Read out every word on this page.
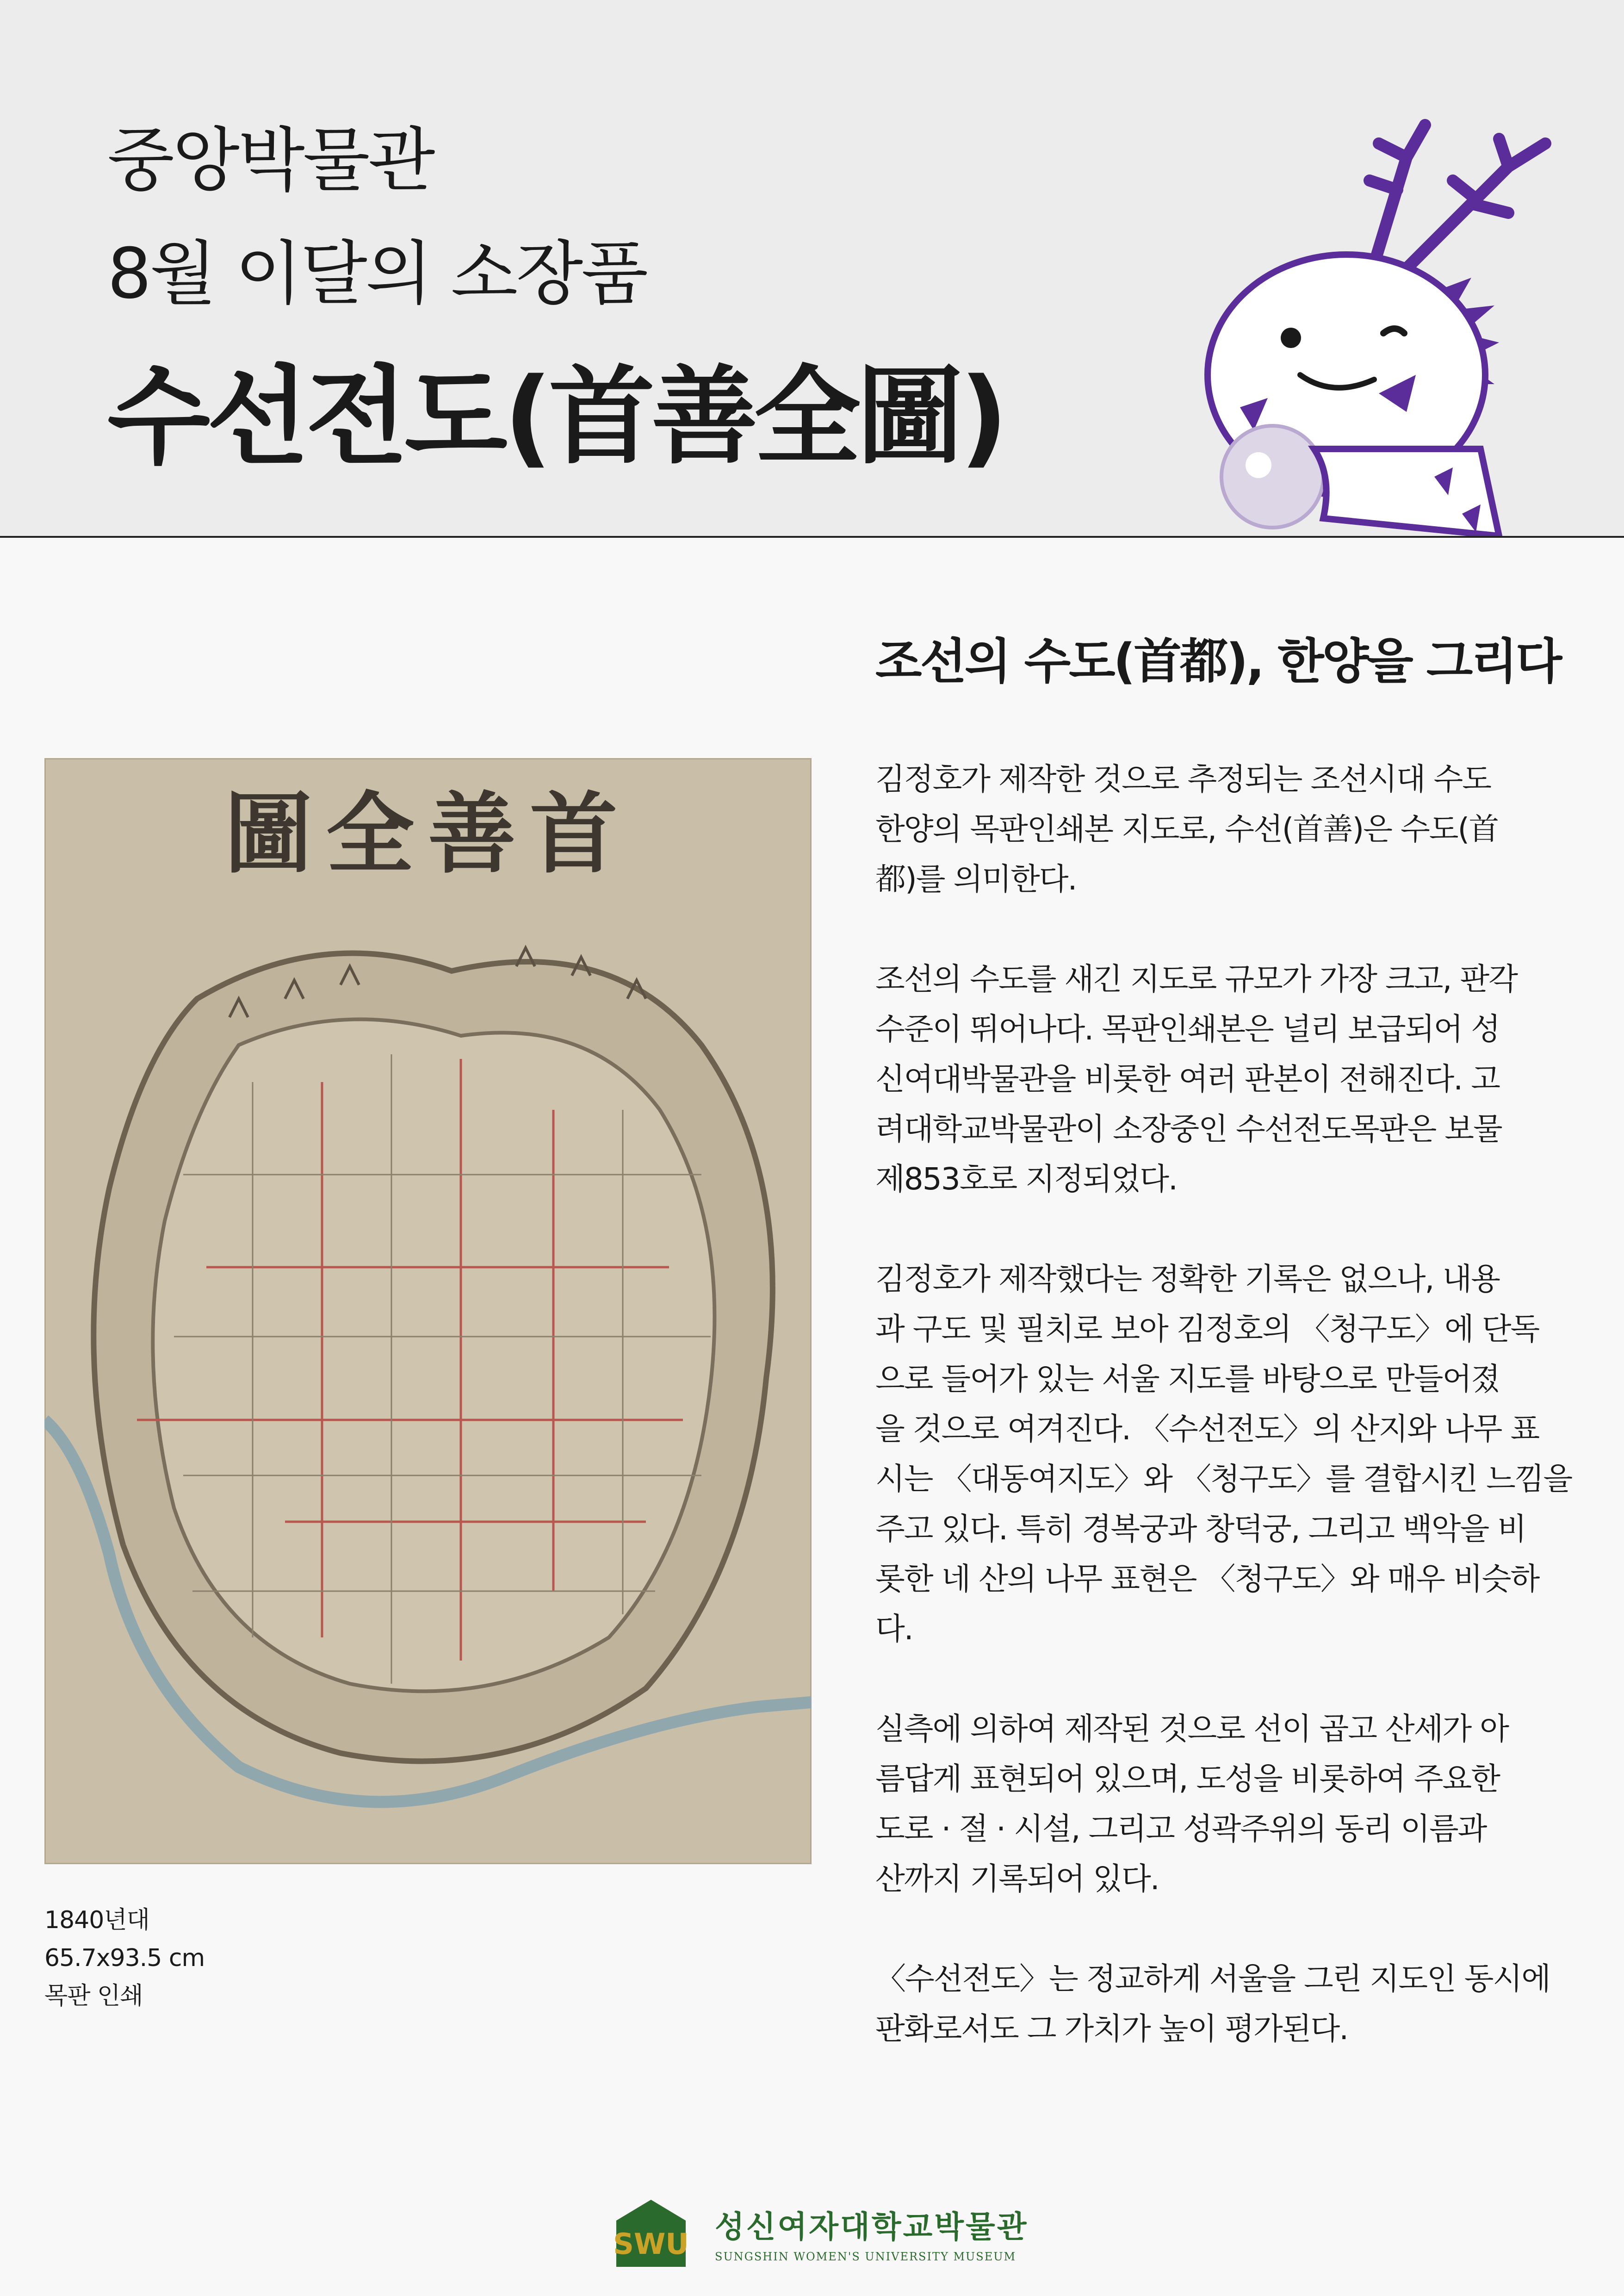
중앙박물관
8월 이달의 소장품
수선전도(首善全圖)
圖全善首
1840년대
65.7x93.5 cm
목판 인쇄
조선의 수도(首都), 한양을 그리다
김정호가 제작한 것으로 추정되는 조선시대 수도
한양의 목판인쇄본 지도로, 수선(首善)은 수도(首
都)를 의미한다.
조선의 수도를 새긴 지도로 규모가 가장 크고, 판각
수준이 뛰어나다. 목판인쇄본은 널리 보급되어 성
신여대박물관을 비롯한 여러 판본이 전해진다. 고
려대학교박물관이 소장중인 수선전도목판은 보물
제853호로 지정되었다.
김정호가 제작했다는 정확한 기록은 없으나, 내용
과 구도 및 필치로 보아 김정호의 〈청구도〉에 단독
으로 들어가 있는 서울 지도를 바탕으로 만들어졌
을 것으로 여겨진다. 〈수선전도〉의 산지와 나무 표
시는 〈대동여지도〉와 〈청구도〉를 결합시킨 느낌을
주고 있다. 특히 경복궁과 창덕궁, 그리고 백악을 비
롯한 네 산의 나무 표현은 〈청구도〉와 매우 비슷하
다.
실측에 의하여 제작된 것으로 선이 곱고 산세가 아
름답게 표현되어 있으며, 도성을 비롯하여 주요한
도로 · 절 · 시설, 그리고 성곽주위의 동리 이름과
산까지 기록되어 있다.
〈수선전도〉는 정교하게 서울을 그린 지도인 동시에
판화로서도 그 가치가 높이 평가된다.
SWU 성신여자대학교박물관
SUNGSHIN WOMEN'S UNIVERSITY MUSEUM
